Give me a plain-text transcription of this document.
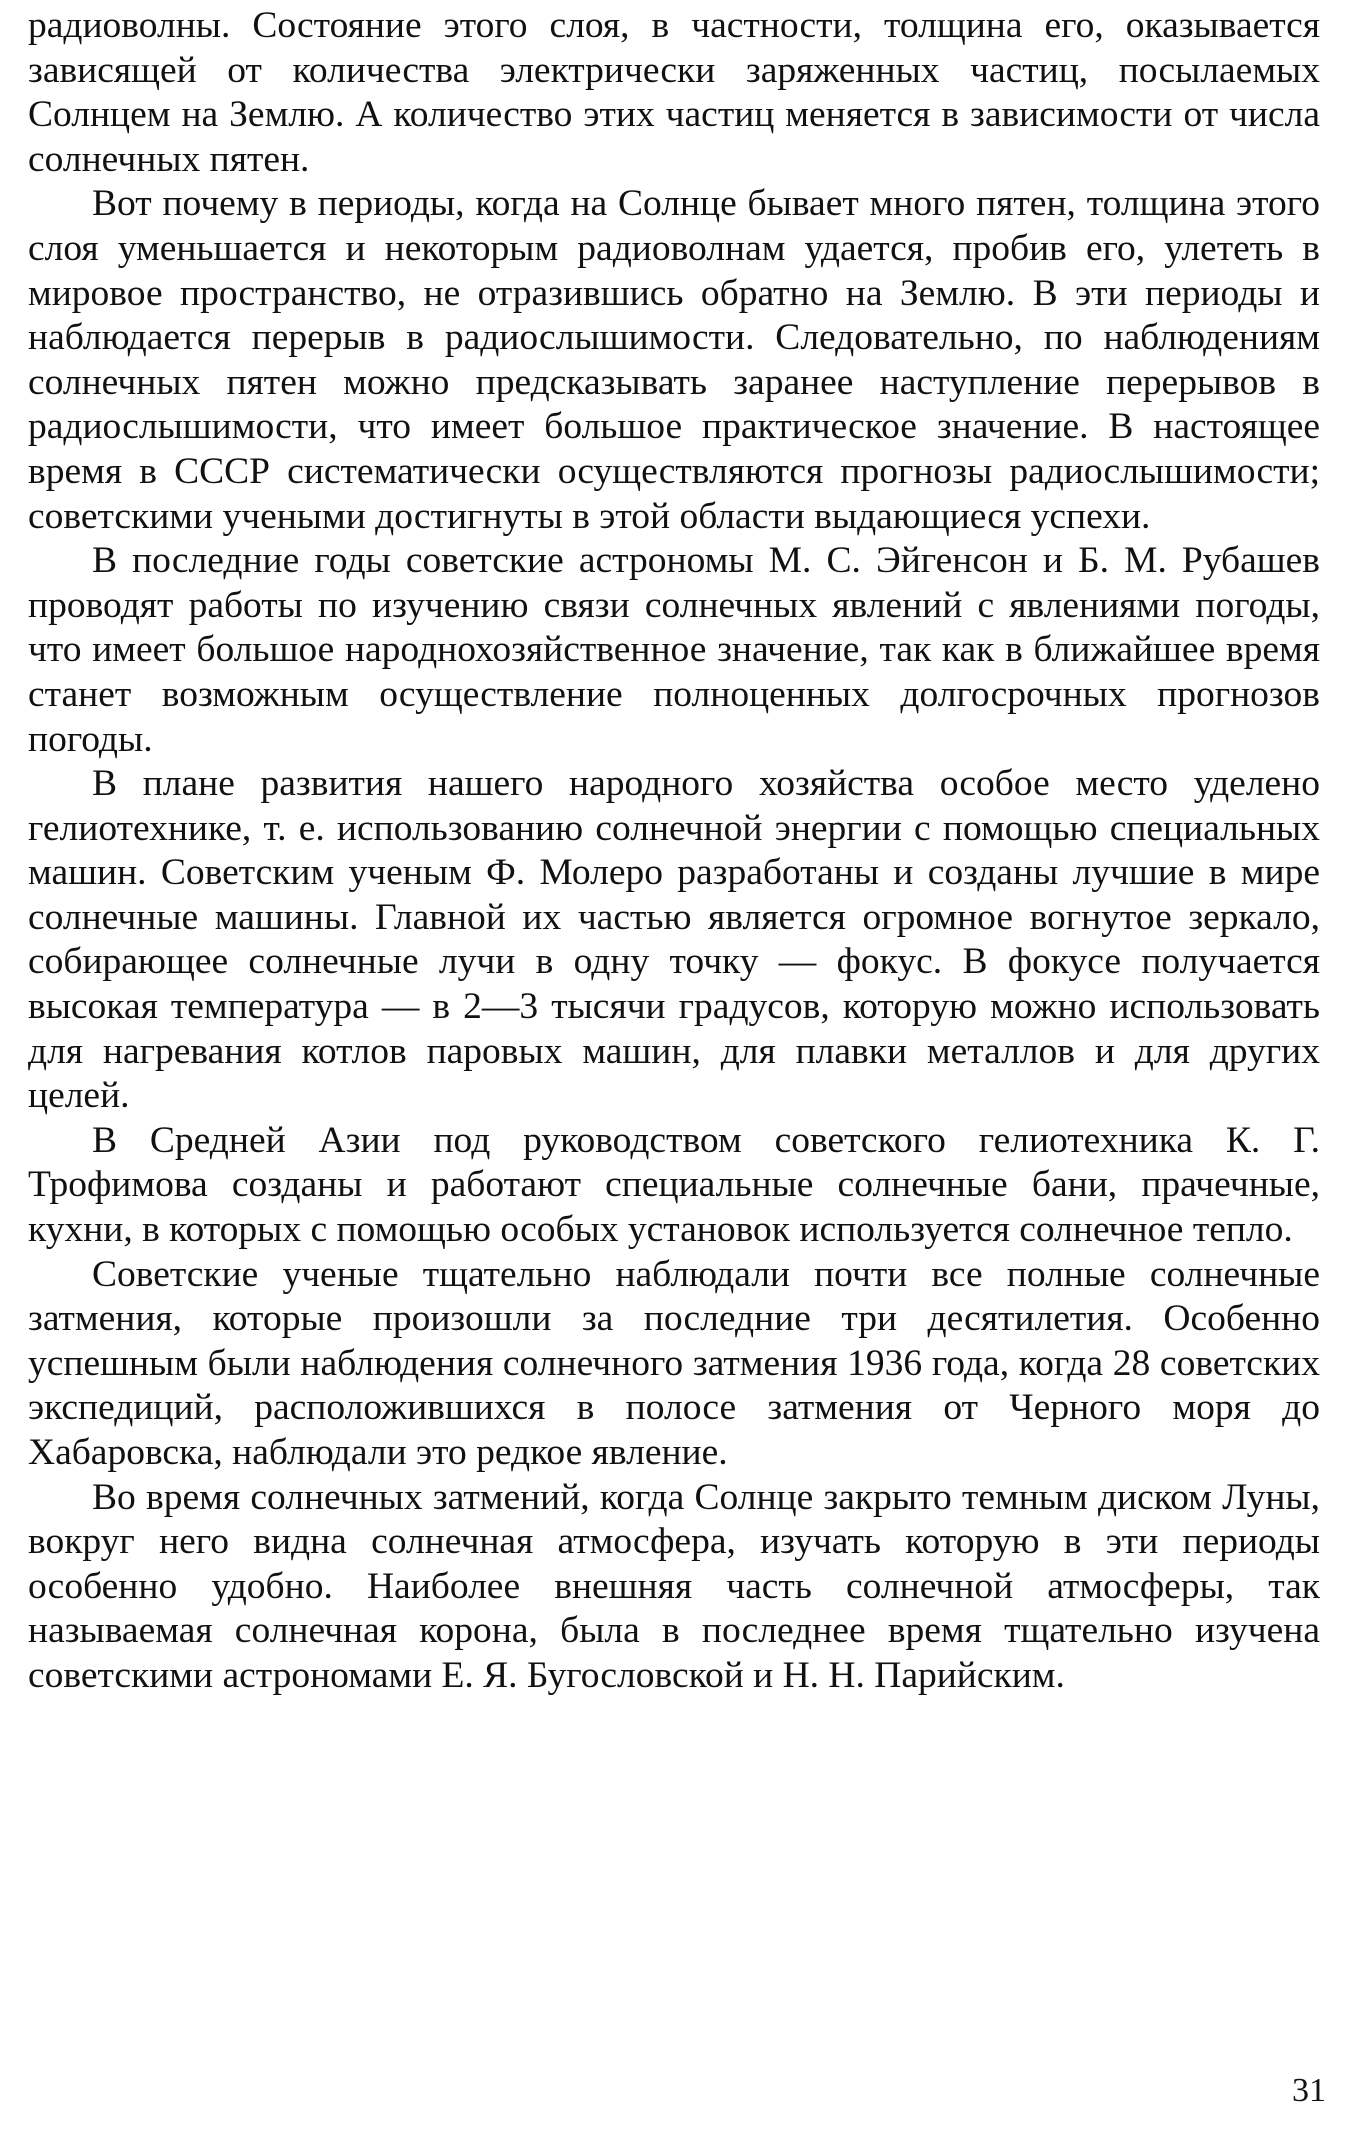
радиоволны. Состояние этого слоя, в частности, толщина его, оказывается зависящей от количества электрически заряженных частиц, посылаемых Солнцем на Землю. А количество этих частиц меняется в зависимости от числа солнечных пятен.

Вот почему в периоды, когда на Солнце бывает много пятен, толщина этого слоя уменьшается и некоторым радиоволнам удается, пробив его, улететь в мировое пространство, не отразившись обратно на Землю. В эти периоды и наблюдается перерыв в радиослышимости. Следовательно, по наблюдениям солнечных пятен можно предсказывать заранее наступление перерывов в радиослышимости, что имеет большое практическое значение. В настоящее время в СССР систематически осуществляются прогнозы радиослышимости; советскими учеными достигнуты в этой области выдающиеся успехи.

В последние годы советские астрономы М. С. Эйгенсон и Б. М. Рубашев проводят работы по изучению связи солнечных явлений с явлениями погоды, что имеет большое народнохозяйственное значение, так как в ближайшее время станет возможным осуществление полноценных долгосрочных прогнозов погоды.

В плане развития нашего народного хозяйства особое место уделено гелиотехнике, т. е. использованию солнечной энергии с помощью специальных машин. Советским ученым Ф. Молеро разработаны и созданы лучшие в мире солнечные машины. Главной их частью является огромное вогнутое зеркало, собирающее солнечные лучи в одну точку — фокус. В фокусе получается высокая температура — в 2—3 тысячи градусов, которую можно использовать для нагревания котлов паровых машин, для плавки металлов и для других целей.

В Средней Азии под руководством советского гелиотехника К. Г. Трофимова созданы и работают специальные солнечные бани, прачечные, кухни, в которых с помощью особых установок используется солнечное тепло.

Советские ученые тщательно наблюдали почти все полные солнечные затмения, которые произошли за последние три десятилетия. Особенно успешным были наблюдения солнечного затмения 1936 года, когда 28 советских экспедиций, расположившихся в полосе затмения от Черного моря до Хабаровска, наблюдали это редкое явление.

Во время солнечных затмений, когда Солнце закрыто темным диском Луны, вокруг него видна солнечная атмосфера, изучать которую в эти периоды особенно удобно. Наиболее внешняя часть солнечной атмосферы, так называемая солнечная корона, была в последнее время тщательно изучена советскими астрономами Е. Я. Бугословской и Н. Н. Парийским.

31
